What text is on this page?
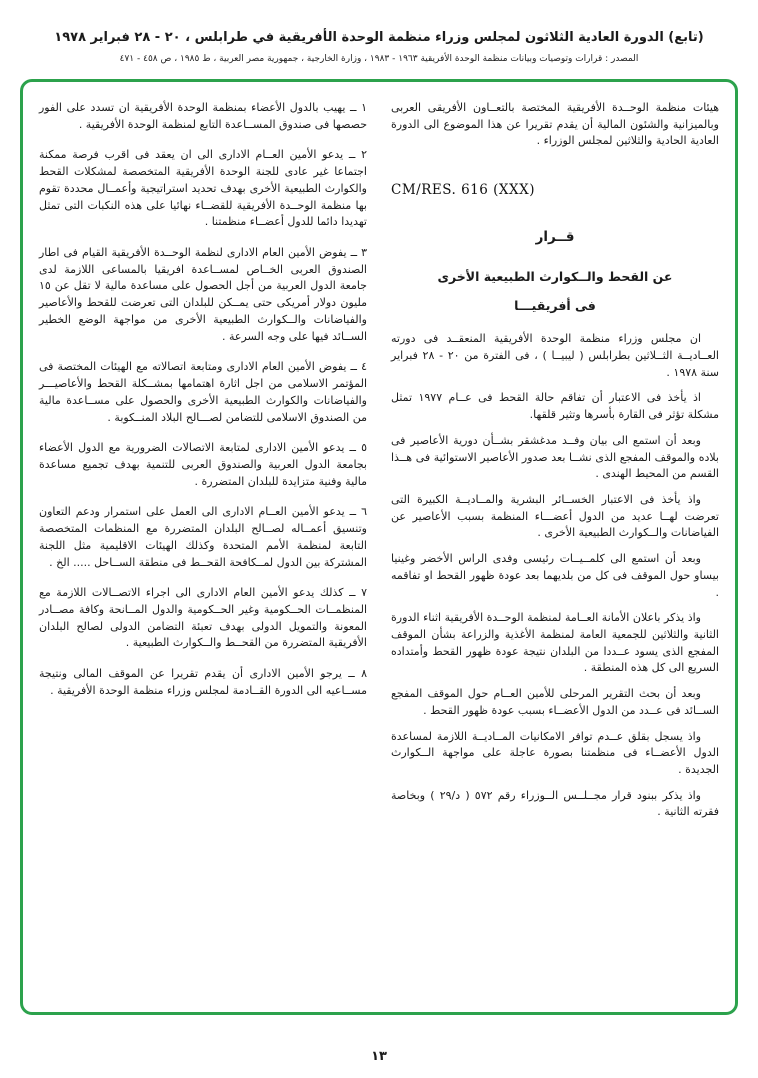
(تابع) الدورة العادية الثلاثون لمجلس وزراء منظمة الوحدة الأفريقية في طرابلس ، ٢٠ - ٢٨ فبراير ١٩٧٨
المصدر : قرارات وتوصيات وبيانات منظمة الوحدة الأفريقية ١٩٦٣ - ١٩٨٣ ، وزارة الخارجية ، جمهورية مصر العربية ، ط ١٩٨٥ ، ص ٤٥٨ - ٤٧١

هيئات منظمة الوحــدة الأفريقية المختصة بالتعــاون الأفريقى العربى وبالميزانية والشئون المالية أن يقدم تقريرا عن هذا الموضوع الى الدورة العادية الحادية والثلاثين لمجلس الوزراء .

CM/RES. 616 (XXX)
قــرار
عن القحط والــكوارث الطبيعية الأخرى
فى أفريقيـــا

ان مجلس وزراء منظمة الوحدة الأفريقية المنعقــد فى دورته العــاديــة الثــلاثين بطرابلس ( ليبيــا ) ، فى الفترة من ٢٠ - ٢٨ فبراير سنة ١٩٧٨ .

اذ يأخذ فى الاعتبار أن تفاقم حالة القحط فى عــام ١٩٧٧ تمثل مشكلة تؤثر فى القارة بأسرها وتثير قلقها.

وبعد أن استمع الى بيان وفــد مدغشقر بشــأن دورية الأعاصير فى بلاده والموقف المفجع الذى نشــا بعد صدور الأعاصير الاستوائية فى هــذا القسم من المحيط الهندى .

واذ يأخذ فى الاعتبار الخســائر البشرية والمــاديــة الكبيرة التى تعرضت لهــا عديد من الدول أعضـــاء المنظمة بسبب الأعاصير عن الفياضانات والــكوارث الطبيعية الأخرى .

وبعد أن استمع الى كلمــيــات رئيسى وفدى الراس الأخضر وغينيا بيساو حول الموقف فى كل من بلديهما بعد عودة ظهور القحط او تفاقمه .

واذ يذكر باعلان الأمانة العــامة لمنظمة الوحــدة الأفريقية اثناء الدورة الثانية والثلاثين للجمعية العامة لمنظمة الأغذية والزراعة بشأن الموقف المفجع الذى يسود عــددا من البلدان نتيجة عودة ظهور القحط وأمتداده السريع الى كل هذه المنطقة .

وبعد أن بحث التقرير المرحلى للأمين العــام حول الموقف المفجع الســائد فى عــدد من الدول الأعضــاء بسبب عودة ظهور القحط .

واذ يسجل بقلق عــدم توافر الامكانيات المــاديــة اللازمة لمساعدة الدول الأعضــاء فى منظمتنا بصورة عاجلة على مواجهة الــكوارث الجديدة .

واذ يذكر ببنود قرار مجــلــس الــوزراء رقم ٥٧٢ ( د/٢٩ ) وبخاصة فقرته الثانية .

١ ــ يهيب بالدول الأعضاء بمنظمة الوحدة الأفريقية ان تسدد على الفور حصصها فى صندوق المســاعدة التابع لمنظمة الوحدة الأفريقية .

٢ ــ يدعو الأمين العــام الادارى الى ان يعقد فى اقرب فرصة ممكنة اجتماعا غير عادى للجنة الوحدة الأفريقية المتخصصة لمشكلات القحط والكوارث الطبيعية الأخرى بهدف تحديد استراتيجية وأعمــال محددة تقوم بها منظمة الوحــدة الأفريقية للقضــاء نهائيا على هذه النكبات التى تمثل تهديدا دائما للدول أعضــاء منظمتنا .

٣ ــ يفوض الأمين العام الادارى لنظمة الوحــدة الأفريقية القيام فى اطار الصندوق العربى الخــاص لمســاعدة افريقيا بالمساعى اللازمة لدى جامعة الدول العربية من أجل الحصول على مساعدة مالية لا تقل عن ١٥ مليون دولار أمريكى حتى يمــكن للبلدان التى تعرضت للقحط والأعاصير والفياضانات والــكوارث الطبيعية الأخرى من مواجهة الوضع الخطير الســائد فيها على وجه السرعة .

٤ ــ يفوض الأمين العام الادارى ومتابعة اتصالاته مع الهيئات المختصة فى المؤتمر الاسلامى من اجل اثارة اهتمامها بمشــكلة القحط والأعاصيـــر والفياضانات والكوارث الطبيعية الأخرى والحصول على مســاعدة مالية من الصندوق الاسلامى للتضامن لصـــالح البلاد المنــكوبة .

٥ ــ يدعو الأمين الادارى لمتابعة الاتصالات الضرورية مع الدول الأعضاء بجامعة الدول العربية والصندوق العربى للتنمية بهدف تجميع مساعدة مالية وفنية متزايدة للبلدان المتضررة .

٦ ــ يدعو الأمين العــام الادارى الى العمل على استمرار ودعم التعاون وتنسيق أعمــاله لصــالح البلدان المتضررة مع المنظمات المتخصصة التابعة لمنظمة الأمم المتحدة وكذلك الهيئات الاقليمية مثل اللجنة المشتركة بين الدول لمــكافحة القحــط فى منطقة الســاحل ..... الخ .

٧ ــ كذلك يدعو الأمين العام الادارى الى اجراء الاتصــالات اللازمة مع المنظمــات الحــكومية وغير الحــكومية والدول المــانحة وكافة مصــادر المعونة والتمويل الدولى بهدف تعبئة التضامن الدولى لصالح البلدان الأفريقية المتضررة من القحــط والــكوارث الطبيعية .

٨ ــ يرجو الأمين الادارى أن يقدم تقريرا عن الموقف المالى ونتيجة مســاعيه الى الدورة القــادمة لمجلس وزراء منظمة الوحدة الأفريقية .

١٣
